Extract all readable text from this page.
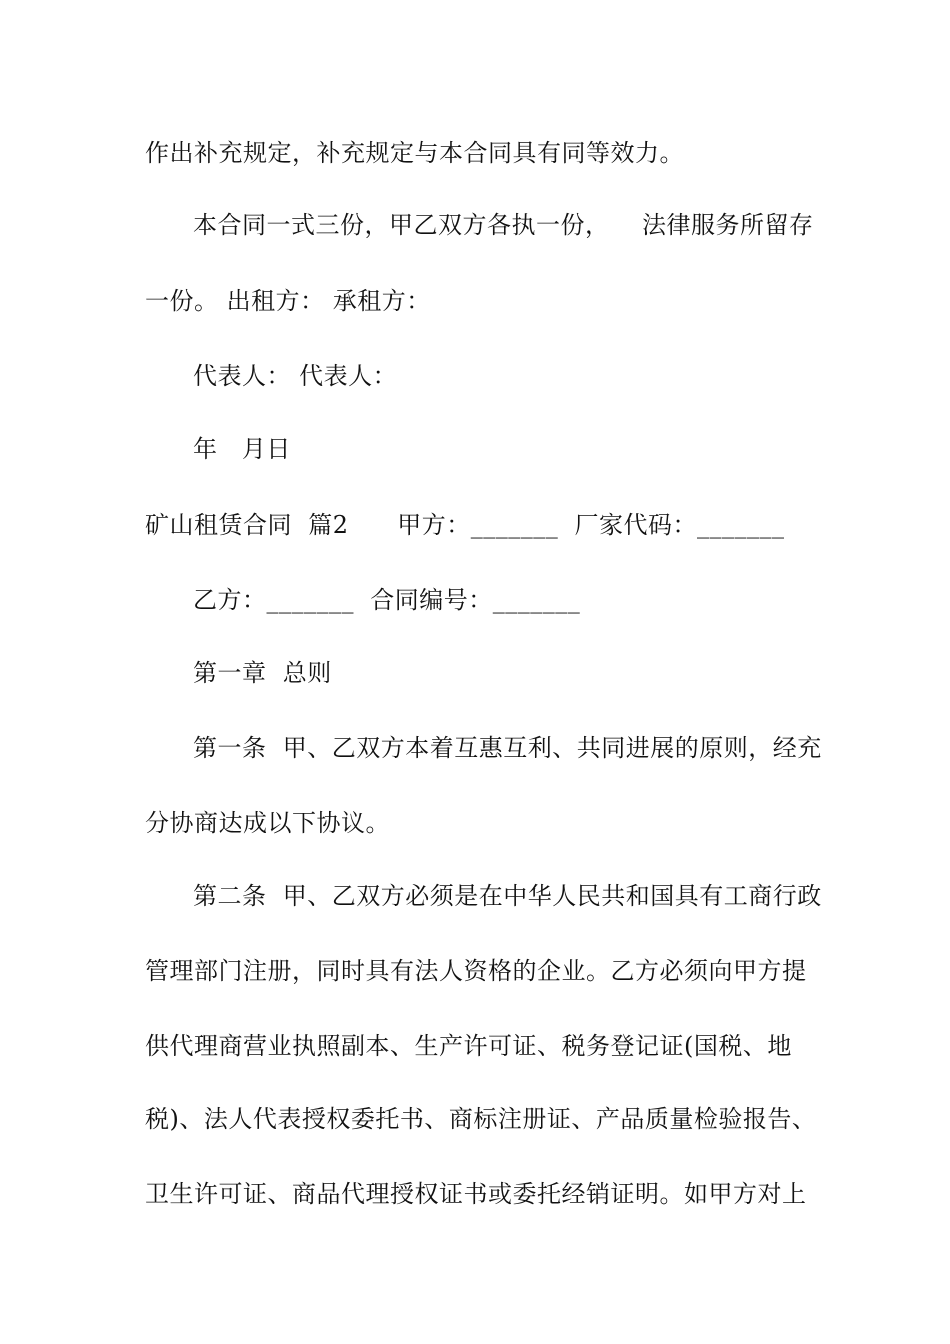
作出补充规定，补充规定与本合同具有同等效力。
本合同一式三份，甲乙双方各执一份，    法律服务所留存
一份。 出租方： 承租方：
代表人： 代表人：
年   月日
矿山租赁合同  篇2      甲方：_______  厂家代码：_______
乙方：_______  合同编号：_______
第一章  总则
第一条  甲、乙双方本着互惠互利、共同进展的原则，经充
分协商达成以下协议。
第二条  甲、乙双方必须是在中华人民共和国具有工商行政
管理部门注册，同时具有法人资格的企业。乙方必须向甲方提
供代理商营业执照副本、生产许可证、税务登记证(国税、地
税)、法人代表授权委托书、商标注册证、产品质量检验报告、
卫生许可证、商品代理授权证书或委托经销证明。如甲方对上
